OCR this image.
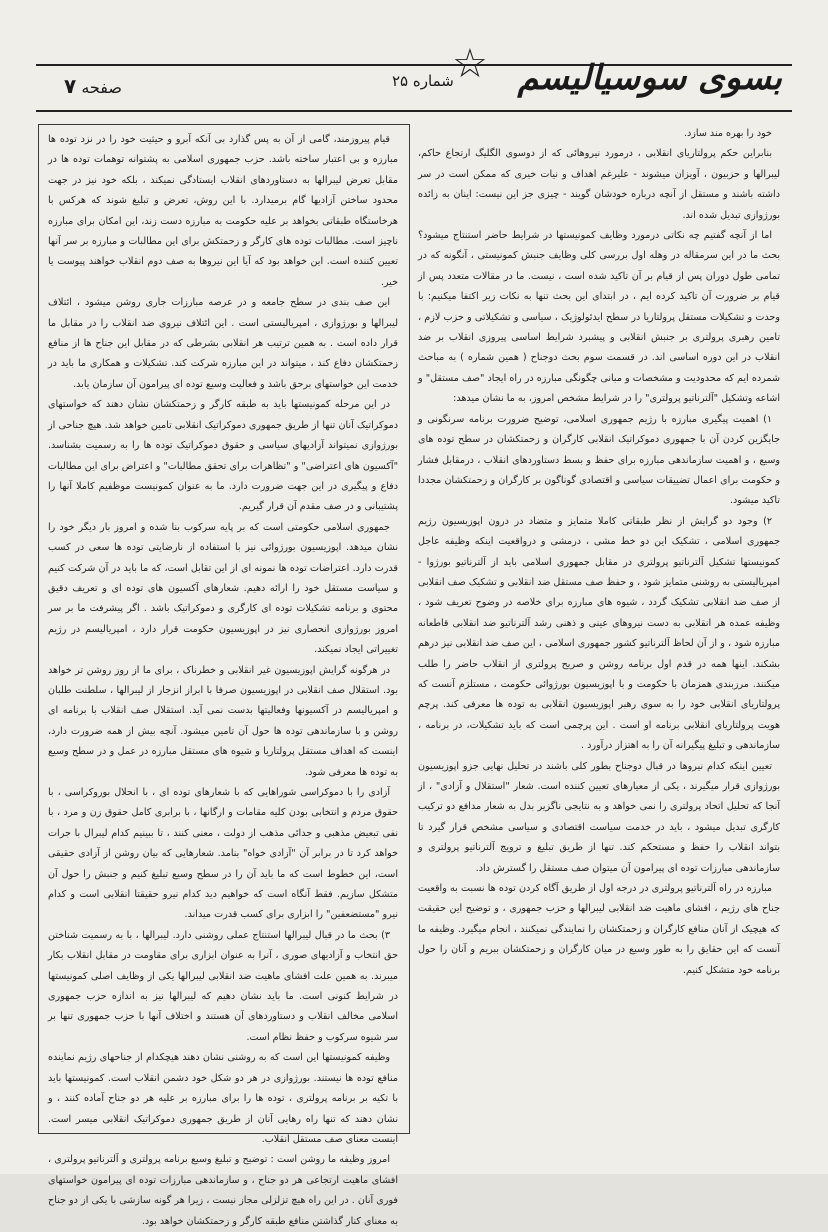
بسوی سوسیالیسم
☆
شماره ۲۵
صفحه ۷

خود را بهره مند سازد.

بنابراین حکم پرولتاریای انقلابی ، درمورد نیروهائی که از دوسوی الگلیگ ارتجاع حاکم، لیبرالها و حزبیون ، آویزان میشوند - علیرغم اهداف و نیات خیری که ممکن است در سر داشته باشند و مستقل از آنچه درباره خودشان گویند - چیزی جز این نیست: اینان به زائده بورژوازی تبدیل شده اند.

اما از آنچه گفتیم چه نکاتی درمورد وظایف کمونیستها در شرایط حاضر استنتاج میشود؟ بحث ما در این سرمقاله در وهله اول بررسی کلی وظایف جنبش کمونیستی ، آنگونه که در تمامی طول دوران پس از قیام بر آن تاکید شده است ، نیست. ما در مقالات متعدد پس از قیام بر ضرورت آن تاکید کرده ایم ، در ابتدای این بحث تنها به نکات زیر اکتفا میکنیم: با وحدت و تشکیلات مستقل پرولتاریا در سطح ایدئولوژیک ، سیاسی و تشکیلاتی و حزب لازم ، تامین رهبری پرولتری بر جنبش انقلابی و پیشبرد شرایط اساسی پیروزی انقلاب بر ضد انقلاب در این دوره اساسی اند. در قسمت سوم بحث دوجناح ( همین شماره ) به مباحث شمرده ایم که محدودیت و مشخصات و مبانی چگونگی مبارزه در راه ایجاد "صف مستقل" و اشاعه وتشکیل "آلترناتیو پرولتری" را در شرایط مشخص امروز، به ما نشان میدهد:

۱) اهمیت پیگیری مبارزه با رژیم جمهوری اسلامی، توضیح ضرورت برنامه سرنگونی و جایگزین کردن آن با جمهوری دموکراتیک انقلابی کارگران و زحمتکشان در سطح توده های وسیع ، و اهمیت سازماندهی مبارزه برای حفظ و بسط دستاوردهای انقلاب ، درمقابل فشار و حکومت برای اعمال تضییقات سیاسی و اقتصادی گوناگون بر کارگران و زحمتکشان مجددا تاکید میشود.

۲) وجود دو گرایش از نظر طبقاتی کاملا متمایز و متضاد در درون اپوزیسیون رژیم جمهوری اسلامی ، تشکیک این دو خط مشی ، درمشی و درواقعیت اینکه وظیفه عاجل کمونیستها تشکیل آلترناتیو پرولتری در مقابل جمهوری اسلامی باید از آلترناتیو بورژوا - امپریالیستی به روشنی متمایز شود ، و حفظ صف مستقل ضد انقلابی و تشکیک صف انقلابی از صف ضد انقلابی تشکیک گردد ، شیوه های مبارزه برای خلاصه در وضوح تعریف شود ، وظیفه عمده هر انقلابی به دست نیروهای عینی و ذهنی رشد آلترناتیو ضد انقلابی قاطعانه مبارزه شود ، و از آن لحاظ آلترناتیو کشور جمهوری اسلامی ، این صف ضد انقلابی نیز درهم بشکند. اینها همه در قدم اول برنامه روشن و صریح پرولتری از انقلاب حاضر را طلب میکنند. مرزبندی همزمان با حکومت و با اپوزیسیون بورژوائی حکومت ، مستلزم آنست که پرولتاریای انقلابی خود را به سوی رهبر اپوزیسیون انقلابی به توده ها معرفی کند. پرچم هویت پرولتاریای انقلابی برنامه او است . این پرچمی است که باید تشکیلات، در برنامه ، سازماندهی و تبلیغ پیگیرانه آن را به اهتزاز درآورد .

تعیین اینکه کدام نیروها در قبال دوجناح بطور کلی باشند در تحلیل نهایی جزو اپوزیسیون بورژوازی قرار میگیرند ، یکی از معیارهای تعیین کننده است. شعار "استقلال و آزادی" ، از آنجا که تحلیل اتحاد پرولتری را نمی خواهد و به نتایجی ناگزیر بدل به شعار مدافع دو ترکیب کارگری تبدیل میشود ، باید در خدمت سیاست اقتصادی و سیاسی مشخص قرار گیرد تا بتواند انقلاب را حفظ و مستحکم کند. تنها از طریق تبلیغ و ترویج آلترناتیو پرولتری و سازماندهی مبارزات توده ای پیرامون آن میتوان صف مستقل را گسترش داد.

مبارزه در راه آلترناتیو پرولتری در درجه اول از طریق آگاه کردن توده ها نسبت به واقعیت جناح های رژیم ، افشای ماهیت ضد انقلابی لیبرالها و حزب جمهوری ، و توضیح این حقیقت که هیچیک از آنان منافع کارگران و زحمتکشان را نمایندگی نمیکنند ، انجام میگیرد. وظیفه ما آنست که این حقایق را به طور وسیع در میان کارگران و زحمتکشان ببریم و آنان را حول برنامه خود متشکل کنیم.

قیام پیروزمند، گامی از آن به پس گذارد بی آنکه آبرو و حیثیت خود را در نزد توده ها مبارزه و بی اعتبار ساخته باشد. حزب جمهوری اسلامی به پشتوانه توهمات توده ها در مقابل تعرض لیبرالها به دستاوردهای انقلاب ایستادگی نمیکند ، بلکه خود نیز در جهت محدود ساختن آزادیها گام برمیدارد. با این روش، تعرض و تبلیغ شوند که هرکس با هرخاستگاه طبقاتی بخواهد بر علیه حکومت به مبارزه دست زند، این امکان برای مبارزه ناچیز است. مطالبات توده های کارگر و زحمتکش برای این مطالبات و مبارزه بر سر آنها تعیین کننده است. این خواهد بود که آیا این نیروها به صف دوم انقلاب خواهند پیوست یا خیر.

این صف بندی در سطح جامعه و در عرصه مبارزات جاری روشن میشود ، ائتلاف لیبرالها و بورژوازی ، امپریالیستی است . این ائتلاف نیروی ضد انقلاب را در مقابل ما قرار داده است . به همین ترتیب هر انقلابی بشرطی که در مقابل این جناح ها از منافع زحمتکشان دفاع کند ، میتواند در این مبارزه شرکت کند. تشکیلات و همکاری ما باید در خدمت این خواستهای برحق باشد و فعالیت وسیع توده ای پیرامون آن سازمان یابد.

در این مرحله کمونیستها باید به طبقه کارگر و زحمتکشان نشان دهند که خواستهای دموکراتیک آنان تنها از طریق جمهوری دموکراتیک انقلابی تامین خواهد شد. هیچ جناحی از بورژوازی نمیتواند آزادیهای سیاسی و حقوق دموکراتیک توده ها را به رسمیت بشناسد. "آکسیون های اعتراضی" و "تظاهرات برای تحقق مطالبات" و اعتراض برای این مطالبات دفاع و پیگیری در این جهت ضرورت دارد. ما به عنوان کمونیست موظفیم کاملا آنها را پشتیبانی و در صف مقدم آن قرار گیریم.

جمهوری اسلامی حکومتی است که بر پایه سرکوب بنا شده و امروز بار دیگر خود را نشان میدهد. اپوزیسیون بورژوائی نیز با استفاده از نارضایتی توده ها سعی در کسب قدرت دارد. اعتراضات توده ها نمونه ای از این تقابل است، که ما باید در آن شرکت کنیم و سیاست مستقل خود را ارائه دهیم. شعارهای آکسیون های توده ای و تعریف دقیق محتوی و برنامه تشکیلات توده ای کارگری و دموکراتیک باشد . اگر پیشرفت ما بر سر امروز بورژوازی انحصاری نیز در اپوزیسیون حکومت قرار دارد ، امپریالیسم در رژیم تغییراتی ایجاد نمیکند.

در هرگونه گرایش اپوزیسیون غیر انقلابی و خطرناک ، برای ما از روز روشن تر خواهد بود. استقلال صف انقلابی در اپوزیسیون صرفا با ابراز انزجار از لیبرالها ، سلطنت طلبان و امپریالیسم در آکسیونها وفعالیتها بدست نمی آید. استقلال صف انقلاب با برنامه ای روشن و با سازماندهی توده ها حول آن تامین میشود. آنچه بیش از همه ضرورت دارد، اینست که اهداف مستقل پرولتاریا و شیوه های مستقل مبارزه در عمل و در سطح وسیع به توده ها معرفی شود.

آزادی را با دموکراسی شوراهایی که با شعارهای توده ای ، با انحلال بوروکراسی ، با حقوق مردم و انتخابی بودن کلیه مقامات و ارگانها ، با برابری کامل حقوق زن و مرد ، با نفی تبعیض مذهبی و جدائی مذهب از دولت ، معنی کنند ، تا ببینیم کدام لیبرال با جرات خواهد کرد تا در برابر آن "آزادی خواه" بنامد. شعارهایی که بیان روشن از آزادی حقیقی است، این خطوط است که ما باید آن را در سطح وسیع تبلیغ کنیم و جنبش را حول آن متشکل سازیم. فقط آنگاه است که خواهیم دید کدام نیرو حقیقتا انقلابی است و کدام نیرو "مستضعفین" را ابزاری برای کسب قدرت میداند.

۳) بحث ما در قبال لیبرالها استنتاج عملی روشنی دارد. لیبرالها ، با به رسمیت شناختن حق انتخاب و آزادیهای صوری ، آنرا به عنوان ابزاری برای مقاومت در مقابل انقلاب بکار میبرند. به همین علت افشای ماهیت ضد انقلابی لیبرالها یکی از وظایف اصلی کمونیستها در شرایط کنونی است. ما باید نشان دهیم که لیبرالها نیز به اندازه حزب جمهوری اسلامی مخالف انقلاب و دستاوردهای آن هستند و اختلاف آنها با حزب جمهوری تنها بر سر شیوه سرکوب و حفظ نظام است.

وظیفه کمونیستها این است که به روشنی نشان دهند هیچکدام از جناحهای رژیم نماینده منافع توده ها نیستند. بورژوازی در هر دو شکل خود دشمن انقلاب است. کمونیستها باید با تکیه بر برنامه پرولتری ، توده ها را برای مبارزه بر علیه هر دو جناح آماده کنند ، و نشان دهند که تنها راه رهایی آنان از طریق جمهوری دموکراتیک انقلابی میسر است. اینست معنای صف مستقل انقلاب.

امروز وظیفه ما روشن است : توضیح و تبلیغ وسیع برنامه پرولتری و آلترناتیو پرولتری ، افشای ماهیت ارتجاعی هر دو جناح ، و سازماندهی مبارزات توده ای پیرامون خواستهای فوری آنان . در این راه هیچ تزلزلی مجاز نیست ، زیرا هر گونه سازشی با یکی از دو جناح به معنای کنار گذاشتن منافع طبقه کارگر و زحمتکشان خواهد بود.
